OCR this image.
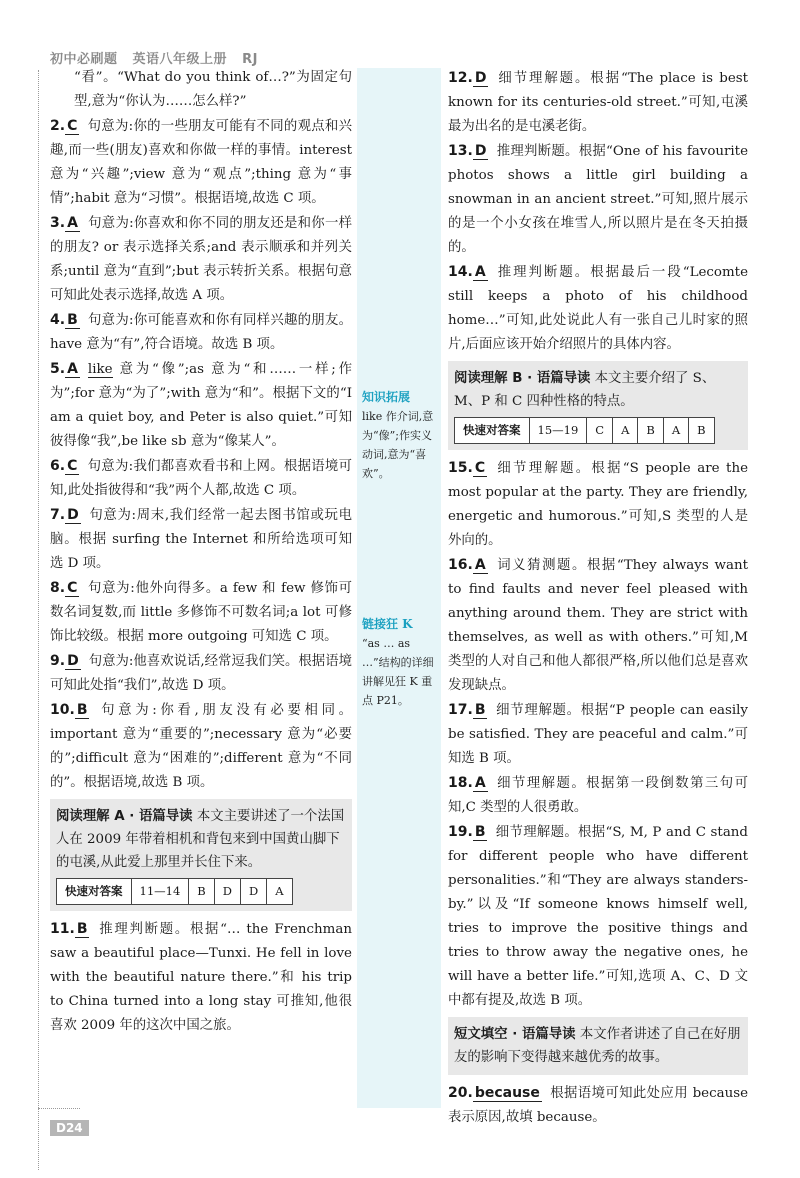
初中必刷题 英语八年级上册 RJ

“看”。“What do you think of…?”为固定句型,意为“你认为……怎么样?”

2. C 句意为:你的一些朋友可能有不同的观点和兴趣,而一些(朋友)喜欢和你做一样的事情。interest 意为“兴趣”;view 意为“观点”;thing 意为“事情”;habit 意为“习惯”。根据语境,故选 C 项。

3. A 句意为:你喜欢和你不同的朋友还是和你一样的朋友? or 表示选择关系;and 表示顺承和并列关系;until 意为“直到”;but 表示转折关系。根据句意可知此处表示选择,故选 A 项。

4. B 句意为:你可能喜欢和你有同样兴趣的朋友。have 意为“有”,符合语境。故选 B 项。

5. A like 意为“像”;as 意为“和……一样;作为”;for 意为“为了”;with 意为“和”。根据下文的“I am a quiet boy, and Peter is also quiet.”可知彼得像“我”,be like sb 意为“像某人”。

6. C 句意为:我们都喜欢看书和上网。根据语境可知,此处指彼得和“我”两个人都,故选 C 项。

7. D 句意为:周末,我们经常一起去图书馆或玩电脑。根据 surfing the Internet 和所给选项可知选 D 项。

8. C 句意为:他外向得多。a few 和 few 修饰可数名词复数,而 little 多修饰不可数名词;a lot 可修饰比较级。根据 more outgoing 可知选 C 项。

9. D 句意为:他喜欢说话,经常逗我们笑。根据语境可知此处指“我们”,故选 D 项。

10. B 句意为:你看,朋友没有必要相同。important 意为“重要的”;necessary 意为“必要的”;difficult 意为“困难的”;different 意为“不同的”。根据语境,故选 B 项。

阅读理解 A · 语篇导读 本文主要讲述了一个法国人在 2009 年带着相机和背包来到中国黄山脚下的屯溪,从此爱上那里并长住下来。
快速对答案	11—14	B	D	D	A

11. B 推理判断题。根据“… the Frenchman saw a beautiful place—Tunxi. He fell in love with the beautiful nature there.”和 his trip to China turned into a long stay 可推知,他很喜欢 2009 年的这次中国之旅。

知识拓展
like 作介词,意为“像”;作实义动词,意为“喜欢”。
链接狂 K
“as … as …”结构的详细讲解见狂 K 重点 P21。

12. D 细节理解题。根据“The place is best known for its centuries-old street.”可知,屯溪最为出名的是屯溪老街。

13. D 推理判断题。根据“One of his favourite photos shows a little girl building a snowman in an ancient street.”可知,照片展示的是一个小女孩在堆雪人,所以照片是在冬天拍摄的。

14. A 推理判断题。根据最后一段“Lecomte still keeps a photo of his childhood home…”可知,此处说此人有一张自己儿时家的照片,后面应该开始介绍照片的具体内容。

阅读理解 B · 语篇导读 本文主要介绍了 S、M、P 和 C 四种性格的特点。
快速对答案	15—19	C	A	B	A	B

15. C 细节理解题。根据“S people are the most popular at the party. They are friendly, energetic and humorous.”可知,S 类型的人是外向的。

16. A 词义猜测题。根据“They always want to find faults and never feel pleased with anything around them. They are strict with themselves, as well as with others.”可知,M 类型的人对自己和他人都很严格,所以他们总是喜欢发现缺点。

17. B 细节理解题。根据“P people can easily be satisfied. They are peaceful and calm.”可知选 B 项。

18. A 细节理解题。根据第一段倒数第三句可知,C 类型的人很勇敢。

19. B 细节理解题。根据“S, M, P and C stand for different people who have different personalities.”和“They are always standers-by.”以及“If someone knows himself well, tries to improve the positive things and tries to throw away the negative ones, he will have a better life.”可知,选项 A、C、D 文中都有提及,故选 B 项。

短文填空 · 语篇导读 本文作者讲述了自己在好朋友的影响下变得越来越优秀的故事。

20. because 根据语境可知此处应用 because 表示原因,故填 because。

D24
